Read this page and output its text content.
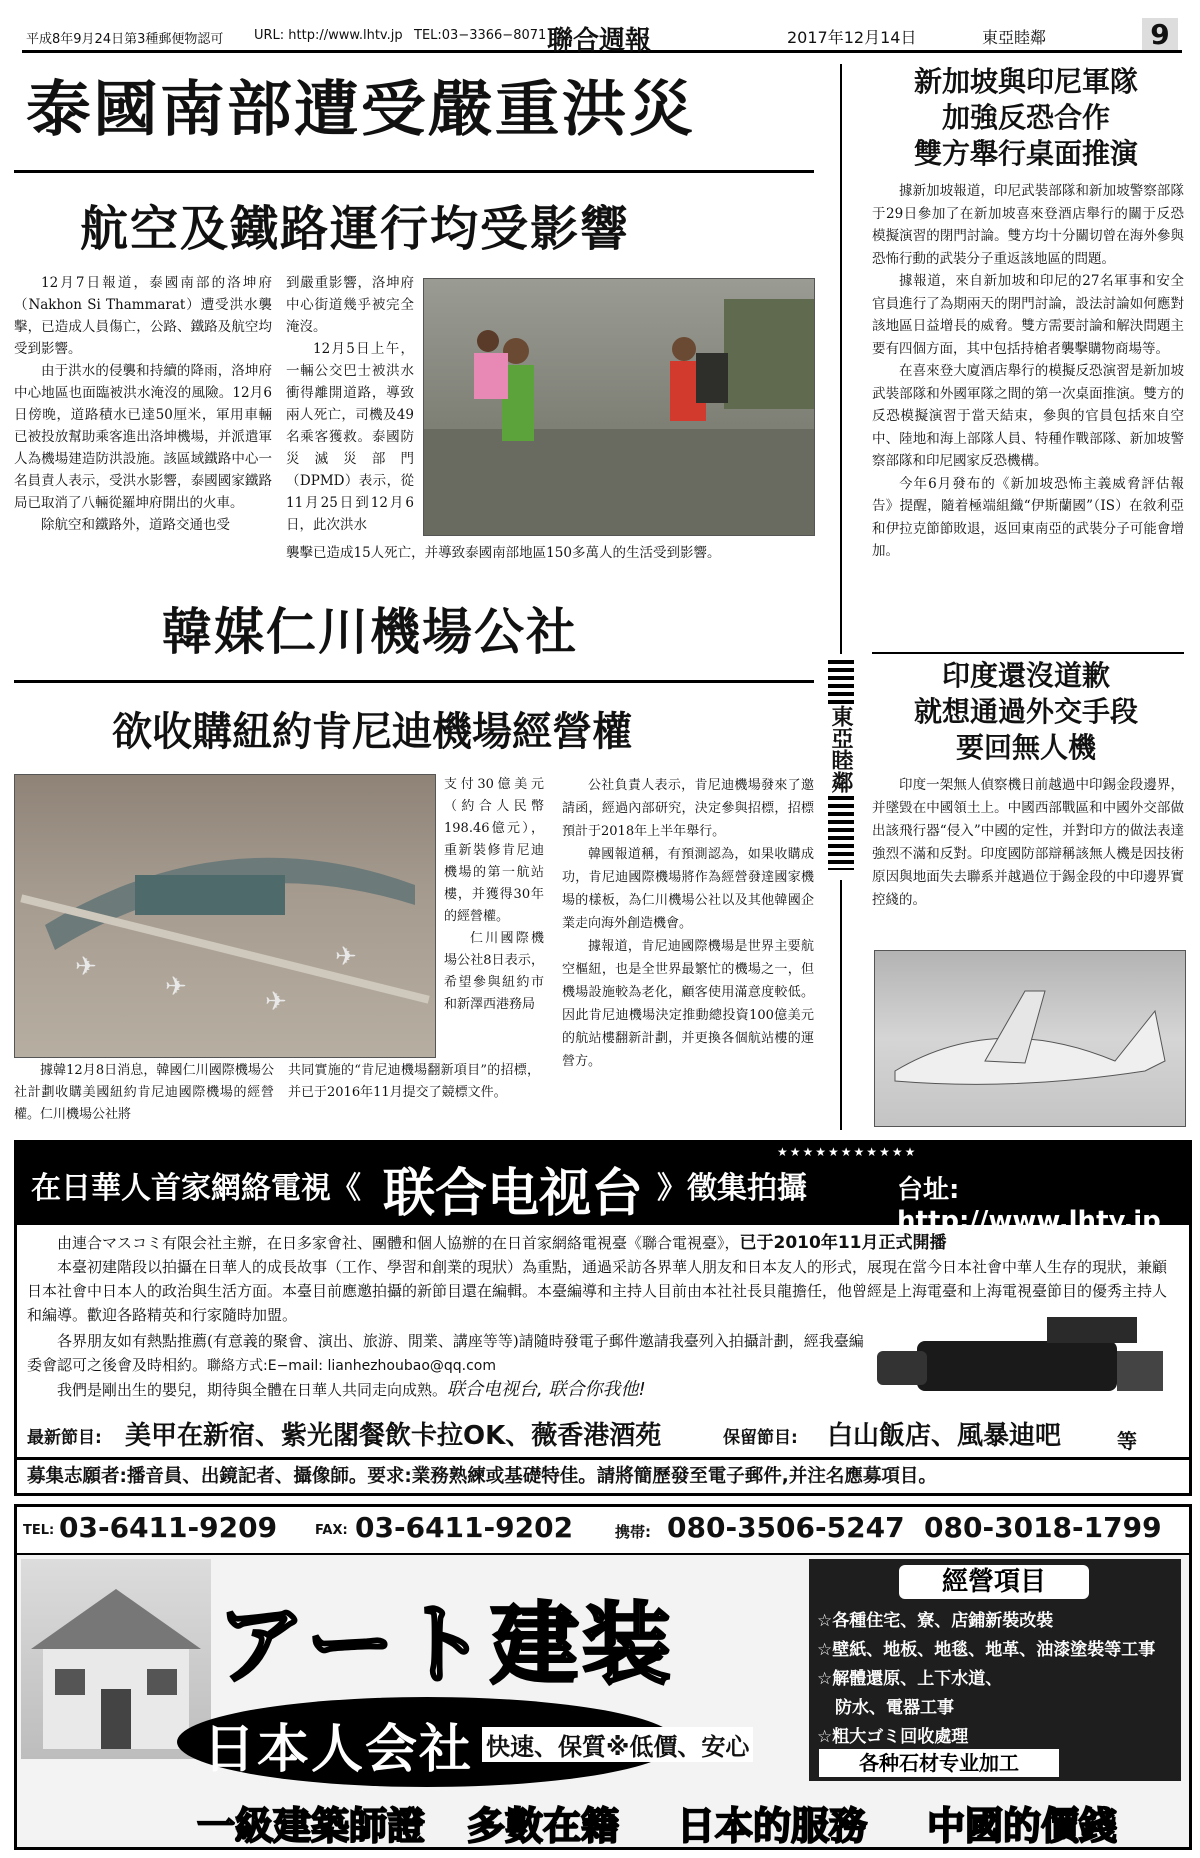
平成8年9月24日第3種郵便物認可 URL: http://www.lhtv.jp TEL:03−3366−8071 聯合週報	2017年12月14日	東亞睦鄰	9
泰國南部遭受嚴重洪災
航空及鐵路運行均受影響

12月7日報道，泰國南部的洛坤府（Nakhon Si Thammarat）遭受洪水襲擊，已造成人員傷亡，公路、鐵路及航空均受到影響。

由于洪水的侵襲和持續的降雨，洛坤府中心地區也面臨被洪水淹沒的風險。12月6日傍晚，道路積水已達50厘米，軍用車輛已被投放幫助乘客進出洛坤機場，并派遣軍人為機場建造防洪設施。該區域鐵路中心一名員責人表示，受洪水影響，泰國國家鐵路局已取消了八輛從羅坤府開出的火車。

除航空和鐵路外，道路交通也受

到嚴重影響，洛坤府中心街道幾乎被完全淹沒。

12月5日上午，一輛公交巴士被洪水衝得離開道路，導致兩人死亡，司機及49名乘客獲救。泰國防災滅災部門（DPMD）表示，從11月25日到12月6日，此次洪水

襲擊已造成15人死亡，并導致泰國南部地區150多萬人的生活受到影響。
韓媒仁川機場公社
欲收購紐約肯尼迪機場經營權
✈
✈	✈
✈

支付30億美元（約合人民幣198.46億元），重新裝修肯尼迪機場的第一航站樓，并獲得30年的經營權。

仁川國際機場公社8日表示，希望參與紐約市和新澤西港務局

據韓12月8日消息，韓國仁川國際機場公社計劃收購美國紐約肯尼迪國際機場的經營權。仁川機場公社將

共同實施的“肯尼迪機場翻新項目”的招標，并已于2016年11月提交了競標文件。

公社負責人表示，肯尼迪機場發來了邀請函，經過內部研究，決定參與招標，招標預計于2018年上半年舉行。

韓國報道稱，有預測認為，如果收購成功，肯尼迪國際機場將作為經營發達國家機場的樣板，為仁川機場公社以及其他韓國企業走向海外創造機會。

據報道，肯尼迪國際機場是世界主要航空樞紐，也是全世界最繁忙的機場之一，但機場設施較為老化，顧客使用滿意度較低。因此肯尼迪機場決定推動總投資100億美元的航站樓翻新計劃，并更換各個航站樓的運營方。

東亞睦鄰
新加坡與印尼軍隊
加強反恐合作
雙方舉行桌面推演

據新加坡報道，印尼武裝部隊和新加坡警察部隊于29日參加了在新加坡喜來登酒店舉行的關于反恐模擬演習的閉門討論。雙方均十分關切曾在海外參與恐怖行動的武裝分子重返該地區的問題。

據報道，來自新加坡和印尼的27名軍事和安全官員進行了為期兩天的閉門討論，設法討論如何應對該地區日益增長的威脅。雙方需要討論和解決問題主要有四個方面，其中包括持槍者襲擊購物商場等。

在喜來登大廈酒店舉行的模擬反恐演習是新加坡武裝部隊和外國軍隊之間的第一次桌面推演。雙方的反恐模擬演習于當天結束，參與的官員包括來自空中、陸地和海上部隊人員、特種作戰部隊、新加坡警察部隊和印尼國家反恐機構。

今年6月發布的《新加坡恐怖主義威脅評估報告》提醒，隨着極端組織“伊斯蘭國”（IS）在敘利亞和伊拉克節節敗退，返回東南亞的武裝分子可能會增加。

印度還沒道歉
就想通過外交手段
要回無人機

印度一架無人偵察機日前越過中印錫金段邊界，并墜毀在中國領土上。中國西部戰區和中國外交部做出該飛行器“侵入”中國的定性，并對印方的做法表達強烈不滿和反對。印度國防部辯稱該無人機是因技術原因與地面失去聯系并越過位于錫金段的中印邊界實控綫的。

在日華人首家網絡電視《 联合电视台 》徵集拍攝
★★★★★★★★★★★
台址: http://www.lhtv.jp
由連合マスコミ有限会社主辦，在日多家會社、團體和個人協辦的在日首家網絡電視臺《聯合電視臺》，已于2010年11月正式開播
本臺初建階段以拍攝在日華人的成長故事（工作、學習和創業的現狀）為重點，通過采訪各界華人朋友和日本友人的形式，展現在當今日本社會中華人生存的現狀，兼顧日本社會中日本人的政治與生活方面。本臺目前應邀拍攝的新節目還在編輯。本臺編導和主持人目前由本社社長貝龍擔任，他曾經是上海電臺和上海電視臺節目的優秀主持人和編導。歡迎各路精英和行家隨時加盟。
各界朋友如有熱點推薦(有意義的聚會、演出、旅游、閒業、講座等等)請隨時發電子郵件邀請我臺列入拍攝計劃，經我臺編委會認可之後會及時相約。聯絡方式:E−mail: lianhezhoubao@qq.com
我們是剛出生的嬰兒，期待與全體在日華人共同走向成熟。联合电视台, 联合你我他!
最新節目: 美甲在新宿、紫光閣餐飲卡拉OK、薇香港酒苑	保留節目: 白山飯店、風暴迪吧	等
募集志願者:播音員、出鏡記者、攝像師。要求:業務熟練或基礎特佳。請將簡歷發至電子郵件,并注名應募項目。
TEL: 03-6411-9209	FAX: 03-6411-9202	携帯: 080-3506-5247  080-3018-1799
アート建装
日本人会社 快速、保質※低價、安心
經營項目
☆各種住宅、寮、店鋪新裝改裝
☆壁紙、地板、地毯、地革、油漆塗裝等工事
☆解體還原、上下水道、
防水、電器工事
☆粗大ゴミ回收處理
各种石材专业加工
一級建築師證 多數在籍 日本的服務 中國的價錢
